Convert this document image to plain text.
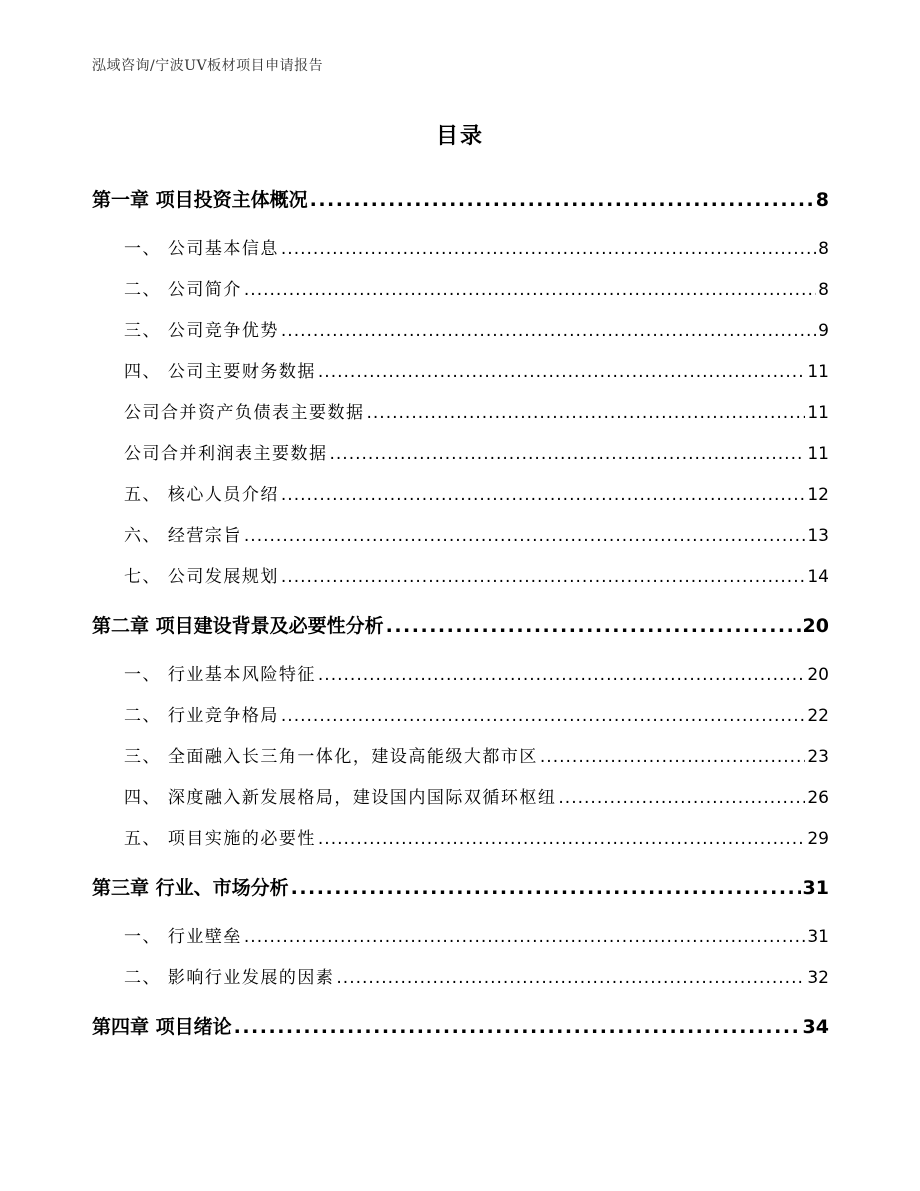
泓域咨询/宁波UV板材项目申请报告
目录
第一章 项目投资主体概况 .....	8
一、 公司基本信息 .....	8
二、 公司简介 .....	8
三、 公司竞争优势 .....	9
四、 公司主要财务数据 .....	11
公司合并资产负债表主要数据 .....	11
公司合并利润表主要数据 .....	11
五、 核心人员介绍 .....	12
六、 经营宗旨 .....	13
七、 公司发展规划 .....	14
第二章 项目建设背景及必要性分析 .....	20
一、 行业基本风险特征 .....	20
二、 行业竞争格局 .....	22
三、 全面融入长三角一体化，建设高能级大都市区 .....	23
四、 深度融入新发展格局，建设国内国际双循环枢纽 .....	26
五、 项目实施的必要性 .....	29
第三章 行业、市场分析 .....	31
一、 行业壁垒 .....	31
二、 影响行业发展的因素 .....	32
第四章 项目绪论 .....	34
